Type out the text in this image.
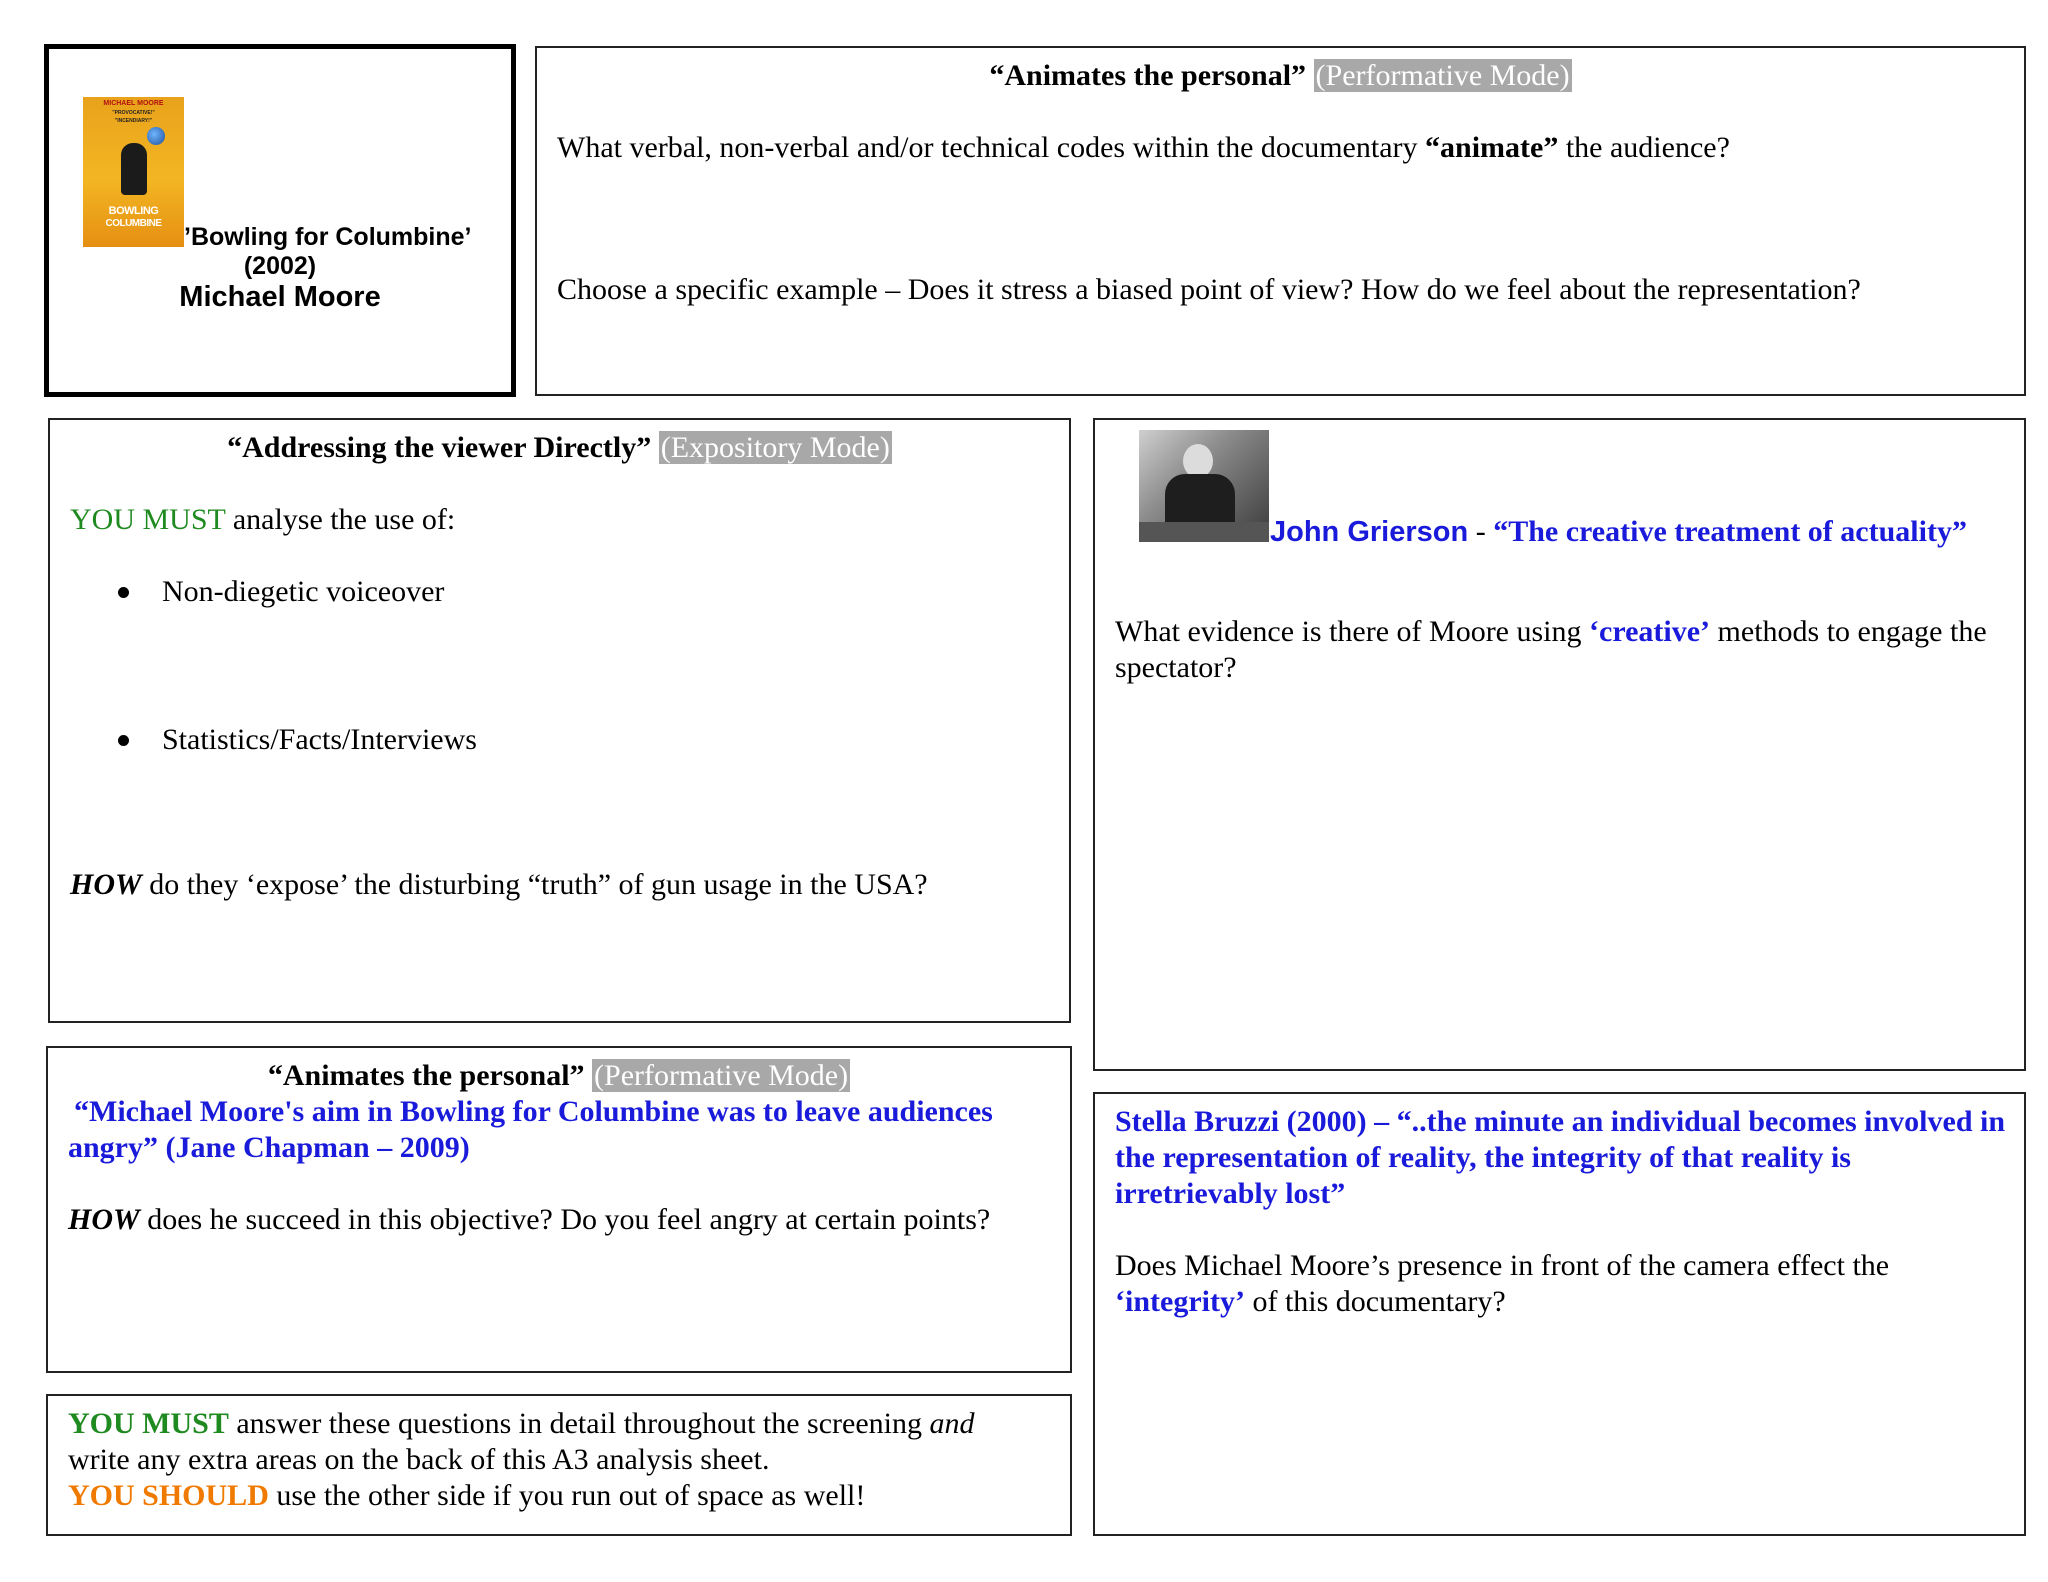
MICHAEL MOORE
"PROVOCATIVE!"
"INCENDIARY!"
BOWLING
COLUMBINE ’Bowling for Columbine’
(2002)
Michael Moore
“Animates the personal” (Performative Mode)

What verbal, non-verbal and/or technical codes within the documentary “animate” the audience?

Choose a specific example – Does it stress a biased point of view? How do we feel about the representation?

“Addressing the viewer Directly” (Expository Mode)

YOU MUST analyse the use of:

Non-diegetic voiceover
Statistics/Facts/Interviews

HOW do they ‘expose’ the disturbing “truth” of gun usage in the USA?

John Grierson - “The creative treatment of actuality”

What evidence is there of Moore using ‘creative’ methods to engage the spectator?

“Animates the personal” (Performative Mode)

“Michael Moore's aim in Bowling for Columbine was to leave audiences angry” (Jane Chapman – 2009)

HOW does he succeed in this objective? Do you feel angry at certain points?

Stella Bruzzi (2000) – “..the minute an individual becomes involved in the representation of reality, the integrity of that reality is irretrievably lost”

Does Michael Moore’s presence in front of the camera effect the ‘integrity’ of this documentary?

YOU MUST answer these questions in detail throughout the screening and

write any extra areas on the back of this A3 analysis sheet.

YOU SHOULD use the other side if you run out of space as well!
